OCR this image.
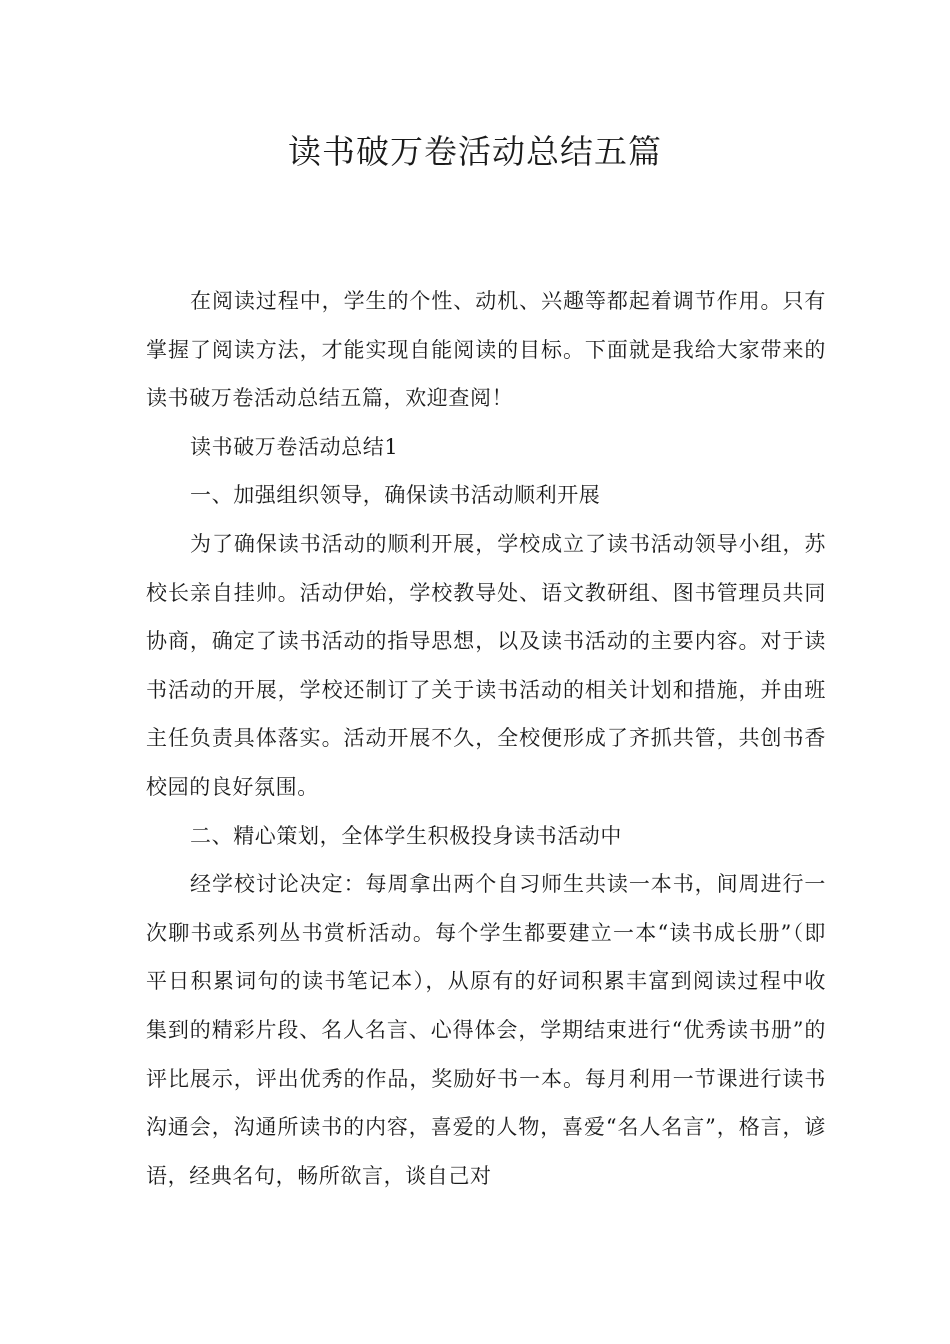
读书破万卷活动总结五篇

在阅读过程中，学生的个性、动机、兴趣等都起着调节作用。只有掌握了阅读方法，才能实现自能阅读的目标。下面就是我给大家带来的读书破万卷活动总结五篇，欢迎查阅！

读书破万卷活动总结1

一、加强组织领导，确保读书活动顺利开展

为了确保读书活动的顺利开展，学校成立了读书活动领导小组，苏校长亲自挂帅。活动伊始，学校教导处、语文教研组、图书管理员共同协商，确定了读书活动的指导思想，以及读书活动的主要内容。对于读书活动的开展，学校还制订了关于读书活动的相关计划和措施，并由班主任负责具体落实。活动开展不久，全校便形成了齐抓共管，共创书香校园的良好氛围。

二、精心策划，全体学生积极投身读书活动中

经学校讨论决定：每周拿出两个自习师生共读一本书，间周进行一次聊书或系列丛书赏析活动。每个学生都要建立一本“读书成长册”（即平日积累词句的读书笔记本），从原有的好词积累丰富到阅读过程中收集到的精彩片段、名人名言、心得体会，学期结束进行“优秀读书册”的评比展示，评出优秀的作品，奖励好书一本。每月利用一节课进行读书沟通会，沟通所读书的内容，喜爱的人物，喜爱“名人名言”，格言，谚语，经典名句，畅所欲言，谈自己对
